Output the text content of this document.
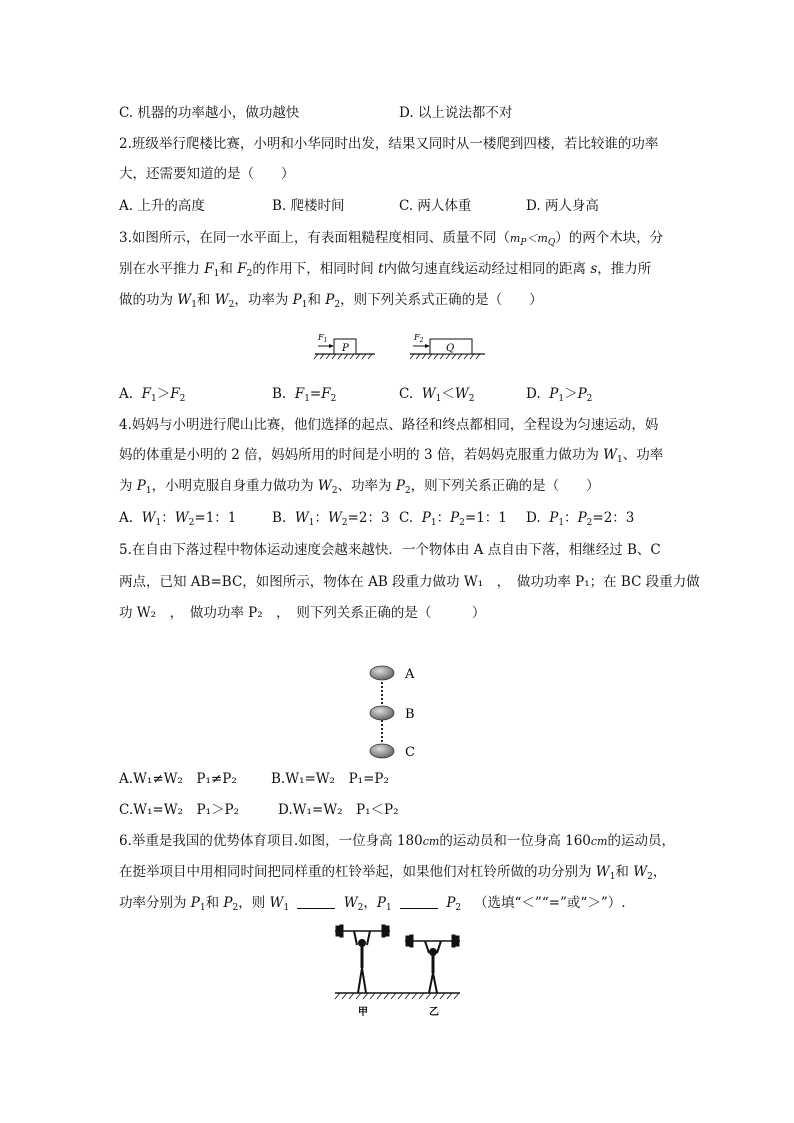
C. 机器的功率越小，做功越快	D. 以上说法都不对
2.班级举行爬楼比赛，小明和小华同时出发，结果又同时从一楼爬到四楼，若比较谁的功率
大，还需要知道的是（　　）
A. 上升的高度	B. 爬楼时间	C. 两人体重	D. 两人身高
3.如图所示，在同一水平面上，有表面粗糙程度相同、质量不同$(m_P<m_Q)$的两个木块，分
别在水平推力 $F_1$和 $F_2$的作用下，相同时间 t内做匀速直线运动经过相同的距离 s，推力所
做的功为 $W_1$和 $W_2$，功率为 $P_1$和 $P_2$，则下列关系式正确的是（　　）
P
$F_1$
Q
$F_2$
A. $F_1>F_2$	B. $F_1=F_2$	C. $W_1<W_2$	D. $P_1>P_2$
4.妈妈与小明进行爬山比赛，他们选择的起点、路径和终点都相同，全程设为匀速运动，妈
妈的体重是小明的 2 倍，妈妈所用的时间是小明的 3 倍，若妈妈克服重力做功为 $W_1$、功率
为 $P_1$，小明克服自身重力做功为 $W_2$、功率为 $P_2$，则下列关系正确的是（　　）
A. $W_1$：$W_2=1$：1	B. $W_1$：$W_2=2$：3 C. $P_1$：$P_2=1$：1 D. $P_1$：$P_2=2$：3
5.在自由下落过程中物体运动速度会越来越快．一个物体由 A 点自由下落，相继经过 B、C
两点，已知 AB=BC，如图所示，物体在 AB 段重力做功 W₁　，　做功功率 P₁；在 BC 段重力做
功 W₂　，　做功功率 P₂　，　则下列关系正确的是（　　　）
A
B
C
A.W₁≠W₂　P₁≠P₂	B.W₁=W₂　P₁=P₂
C.W₁=W₂　P₁＞P₂	D.W₁=W₂　P₁＜P₂
6.举重是我国的优势体育项目.如图，一位身高 180cm的运动员和一位身高 160cm的运动员，
在挺举项目中用相同时间把同样重的杠铃举起，如果他们对杠铃所做的功分别为 $W_1$和 $W_2$，
功率分别为 $P_1$和 $P_2$，则 $W_1$	$W_2$，$P_1$	$P_2$ （选填“＜”“=”或“＞”）.
甲	乙
